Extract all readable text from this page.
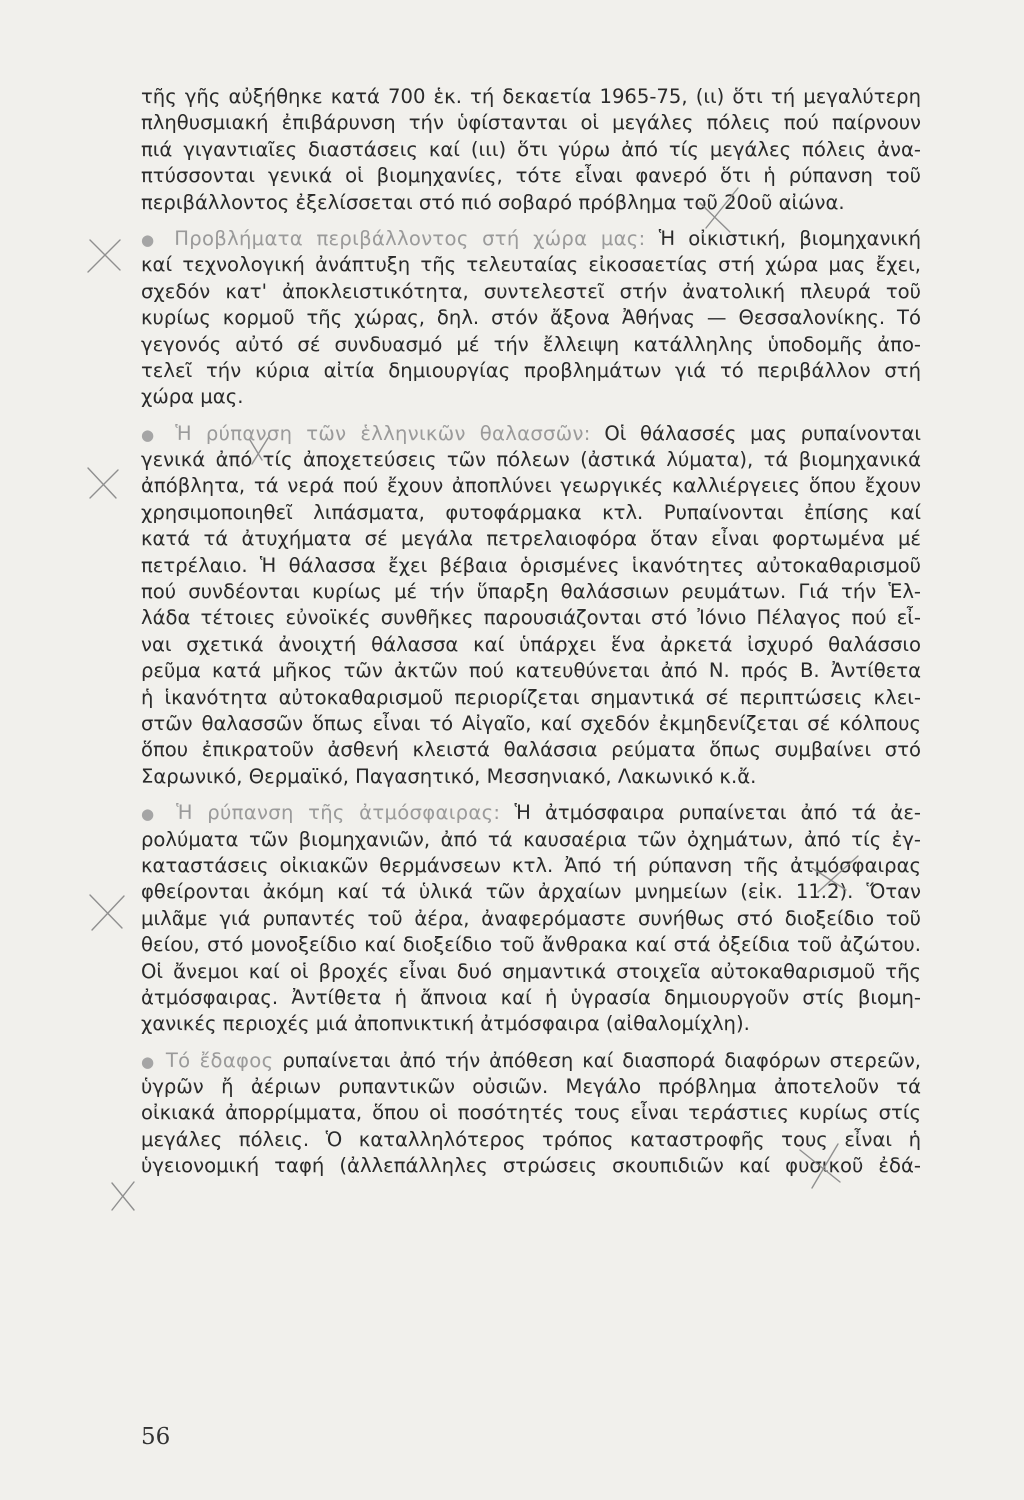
τῆς γῆς αὐξήθηκε κατά 700 ἑκ. τή δεκαετία 1965-75, (ιι) ὅτι τή μεγαλύτερη
πληθυσμιακή ἐπιβάρυνση τήν ὑφίστανται οἱ μεγάλες πόλεις πού παίρνουν
πιά γιγαντιαῖες διαστάσεις καί (ιιι) ὅτι γύρω ἀπό τίς μεγάλες πόλεις ἀνα-
πτύσσονται γενικά οἱ βιομηχανίες, τότε εἶναι φανερό ὅτι ἡ ρύπανση τοῦ
περιβάλλοντος ἐξελίσσεται στό πιό σοβαρό πρόβλημα τοῦ 20οῦ αἰώνα.
● Προβλήματα περιβάλλοντος στή χώρα μας: Ἡ οἰκιστική, βιομηχανική
καί τεχνολογική ἀνάπτυξη τῆς τελευταίας εἰκοσαετίας στή χώρα μας ἔχει,
σχεδόν κατ' ἀποκλειστικότητα, συντελεστεῖ στήν ἀνατολική πλευρά τοῦ
κυρίως κορμοῦ τῆς χώρας, δηλ. στόν ἄξονα Ἀθήνας — Θεσσαλονίκης. Τό
γεγονός αὐτό σέ συνδυασμό μέ τήν ἔλλειψη κατάλληλης ὑποδομῆς ἀπο-
τελεῖ τήν κύρια αἰτία δημιουργίας προβλημάτων γιά τό περιβάλλον στή
χώρα μας.
● Ἡ ρύπανση τῶν ἑλληνικῶν θαλασσῶν: Οἱ θάλασσές μας ρυπαίνονται
γενικά ἀπό τίς ἀποχετεύσεις τῶν πόλεων (ἀστικά λύματα), τά βιομηχανικά
ἀπόβλητα, τά νερά πού ἔχουν ἀποπλύνει γεωργικές καλλιέργειες ὅπου ἔχουν
χρησιμοποιηθεῖ λιπάσματα, φυτοφάρμακα κτλ. Ρυπαίνονται ἐπίσης καί
κατά τά ἀτυχήματα σέ μεγάλα πετρελαιοφόρα ὅταν εἶναι φορτωμένα μέ
πετρέλαιο. Ἡ θάλασσα ἔχει βέβαια ὁρισμένες ἱκανότητες αὐτοκαθαρισμοῦ
πού συνδέονται κυρίως μέ τήν ὕπαρξη θαλάσσιων ρευμάτων. Γιά τήν Ἑλ-
λάδα τέτοιες εὐνοϊκές συνθῆκες παρουσιάζονται στό Ἰόνιο Πέλαγος πού εἶ-
ναι σχετικά ἀνοιχτή θάλασσα καί ὑπάρχει ἕνα ἀρκετά ἰσχυρό θαλάσσιο
ρεῦμα κατά μῆκος τῶν ἀκτῶν πού κατευθύνεται ἀπό Ν. πρός Β. Ἀντίθετα
ἡ ἱκανότητα αὐτοκαθαρισμοῦ περιορίζεται σημαντικά σέ περιπτώσεις κλει-
στῶν θαλασσῶν ὅπως εἶναι τό Αἰγαῖο, καί σχεδόν ἐκμηδενίζεται σέ κόλπους
ὅπου ἐπικρατοῦν ἀσθενή κλειστά θαλάσσια ρεύματα ὅπως συμβαίνει στό
Σαρωνικό, Θερμαϊκό, Παγασητικό, Μεσσηνιακό, Λακωνικό κ.ἄ.
● Ἡ ρύπανση τῆς ἀτμόσφαιρας: Ἡ ἀτμόσφαιρα ρυπαίνεται ἀπό τά ἀε-
ρολύματα τῶν βιομηχανιῶν, ἀπό τά καυσαέρια τῶν ὀχημάτων, ἀπό τίς ἐγ-
καταστάσεις οἰκιακῶν θερμάνσεων κτλ. Ἀπό τή ρύπανση τῆς ἀτμόσφαιρας
φθείρονται ἀκόμη καί τά ὑλικά τῶν ἀρχαίων μνημείων (εἰκ. 11.2). Ὅταν
μιλᾶμε γιά ρυπαντές τοῦ ἀέρα, ἀναφερόμαστε συνήθως στό διοξείδιο τοῦ
θείου, στό μονοξείδιο καί διοξείδιο τοῦ ἄνθρακα καί στά ὀξείδια τοῦ ἀζώτου.
Οἱ ἄνεμοι καί οἱ βροχές εἶναι δυό σημαντικά στοιχεῖα αὐτοκαθαρισμοῦ τῆς
ἀτμόσφαιρας. Ἀντίθετα ἡ ἄπνοια καί ἡ ὑγρασία δημιουργοῦν στίς βιομη-
χανικές περιοχές μιά ἀποπνικτική ἀτμόσφαιρα (αἰθαλομίχλη).
● Τό ἔδαφος ρυπαίνεται ἀπό τήν ἀπόθεση καί διασπορά διαφόρων στερεῶν,
ὑγρῶν ἤ ἀέριων ρυπαντικῶν οὐσιῶν. Μεγάλο πρόβλημα ἀποτελοῦν τά
οἰκιακά ἀπορρίμματα, ὅπου οἱ ποσότητές τους εἶναι τεράστιες κυρίως στίς
μεγάλες πόλεις. Ὁ καταλληλότερος τρόπος καταστροφῆς τους εἶναι ἡ
ὑγειονομική ταφή (ἀλλεπάλληλες στρώσεις σκουπιδιῶν καί φυσικοῦ ἐδά-
56
